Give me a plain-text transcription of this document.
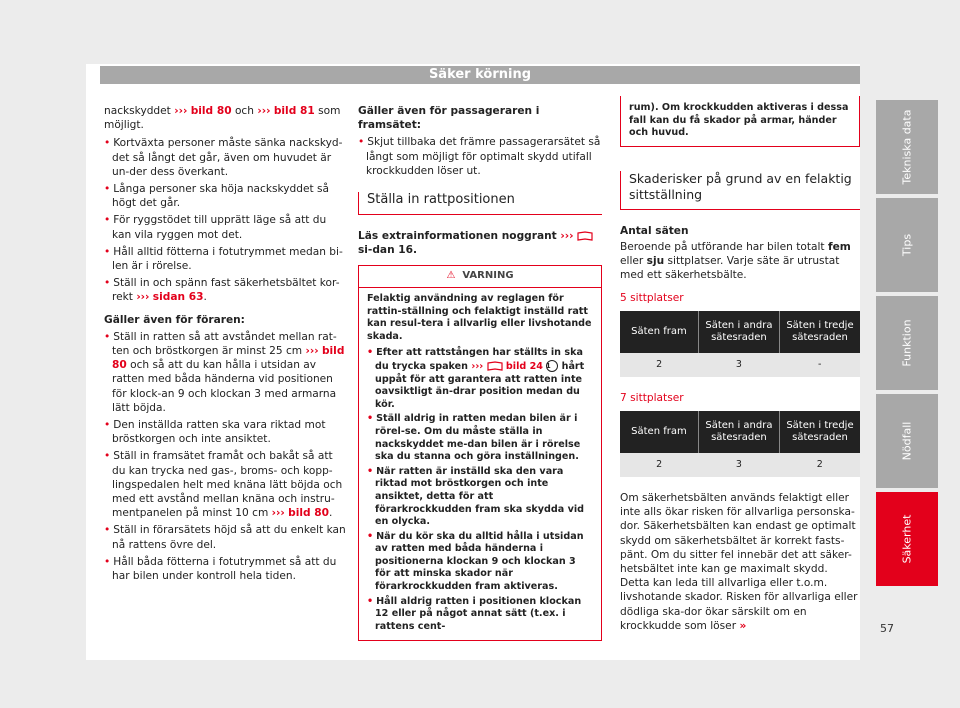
Säker körning

nackskyddet ››› bild 80 och ››› bild 81 som möjligt.

• Kortväxta personer måste sänka nackskyd-det så långt det går, även om huvudet är un-der dess överkant.

• Långa personer ska höja nackskyddet så högt det går.

• För ryggstödet till upprätt läge så att du kan vila ryggen mot det.

• Håll alltid fötterna i fotutrymmet medan bi-len är i rörelse.

• Ställ in och spänn fast säkerhetsbältet kor-rekt ››› sidan 63.

Gäller även för föraren:

• Ställ in ratten så att avståndet mellan rat-ten och bröstkorgen är minst 25 cm ››› bild 80 och så att du kan hålla i utsidan av ratten med båda händerna vid positionen för klock-an 9 och klockan 3 med armarna lätt böjda.

• Den inställda ratten ska vara riktad mot bröstkorgen och inte ansiktet.

• Ställ in framsätet framåt och bakåt så att du kan trycka ned gas-, broms- och kopp-lingspedalen helt med knäna lätt böjda och med ett avstånd mellan knäna och instru-mentpanelen på minst 10 cm ››› bild 80.

• Ställ in förarsätets höjd så att du enkelt kan nå rattens övre del.

• Håll båda fötterna i fotutrymmet så att du har bilen under kontroll hela tiden.

Gäller även för passageraren i framsätet:

• Skjut tillbaka det främre passagerarsätet så långt som möjligt för optimalt skydd utifall krockkudden löser ut.

Ställa in rattpositionen

Läs extrainformationen noggrant ›››  si-dan 16.

⚠ VARNING

Felaktig användning av reglagen för rattin-ställning och felaktigt inställd ratt kan resul-tera i allvarlig eller livshotande skada.

• Efter att rattstången har ställts in ska du trycka spaken ››› bild 24 1 hårt uppåt för att garantera att ratten inte oavsiktligt än-drar position medan du kör.

• Ställ aldrig in ratten medan bilen är i rörel-se. Om du måste ställa in nackskyddet me-dan bilen är i rörelse ska du stanna och göra inställningen.

• När ratten är inställd ska den vara riktad mot bröstkorgen och inte ansiktet, detta för att förarkrockkudden fram ska skydda vid en olycka.

• När du kör ska du alltid hålla i utsidan av ratten med båda händerna i positionerna klockan 9 och klockan 3 för att minska skador när förarkrockkudden fram aktiveras.

• Håll aldrig ratten i positionen klockan 12 eller på något annat sätt (t.ex. i rattens cent-

rum). Om krockkudden aktiveras i dessa fall kan du få skador på armar, händer och huvud.
Skaderisker på grund av en felaktig sittställning

Antal säten

Beroende på utförande har bilen totalt fem eller sju sittplatser. Varje säte är utrustat med ett säkerhetsbälte.

5 sittplatser

Säten fram	Säten i andra sätesraden	Säten i tredje sätesraden
2	3	-

7 sittplatser

Säten fram	Säten i andra sätesraden	Säten i tredje sätesraden
2	3	2

Om säkerhetsbälten används felaktigt eller inte alls ökar risken för allvarliga personska-dor. Säkerhetsbälten kan endast ge optimalt skydd om säkerhetsbältet är korrekt fasts-pänt. Om du sitter fel innebär det att säker-hetsbältet inte kan ge maximalt skydd. Detta kan leda till allvarliga eller t.o.m. livshotande skador. Risken för allvarliga eller dödliga ska-dor ökar särskilt om en krockkudde som löser »

Tekniska data
Tips
Funktion
Nödfall
Säkerhet
57
